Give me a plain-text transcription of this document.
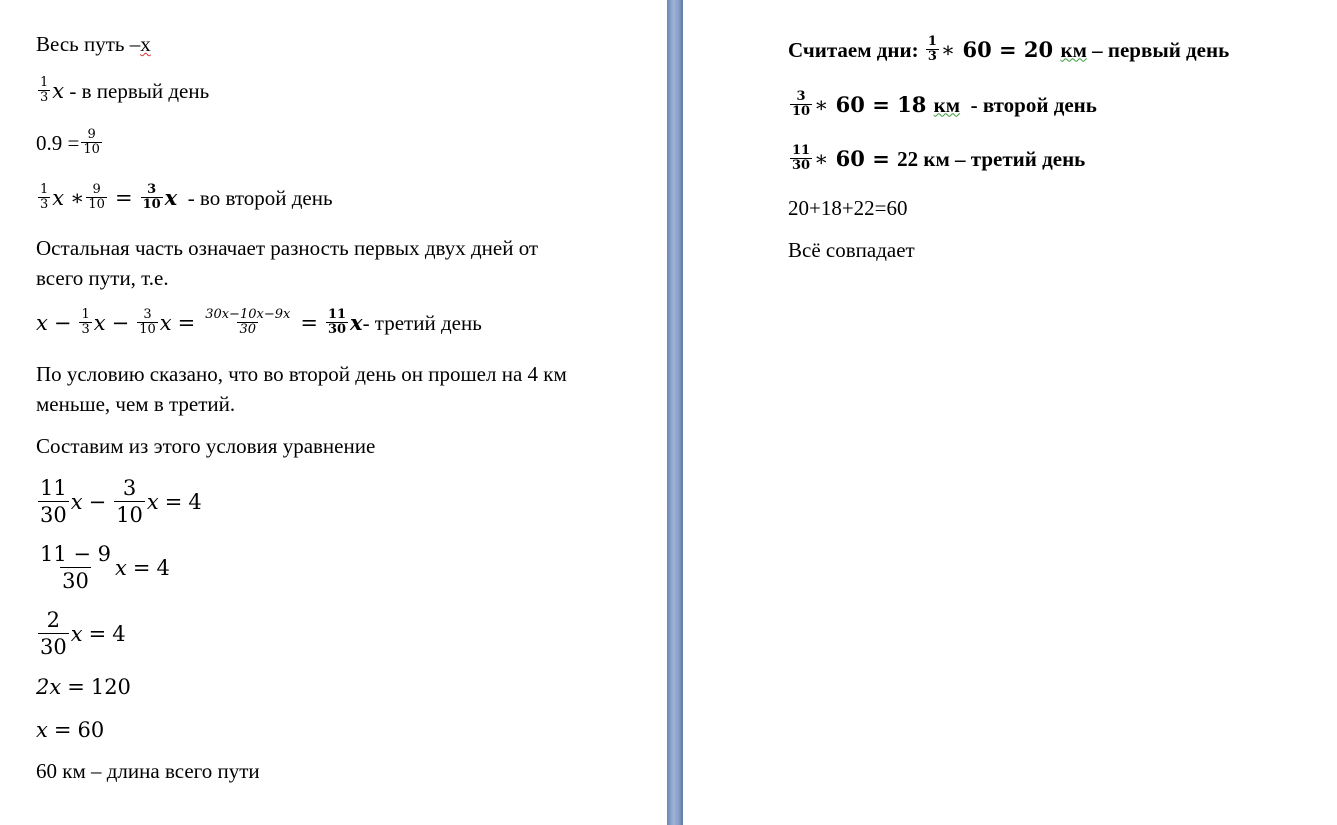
Весь путь – x
$\frac{1}{3}$ x - в первый день
$0.9 = \frac{9}{10}$
$\frac{1}{3}$ x ∗ $\frac{9}{10} = \frac{3}{10}$ x - во второй день
Остальная часть означает разность первых двух дней от
всего пути, т.е.
$x - \frac{1}{3}$ $x - \frac{3}{10}$ $x = \frac{30x-10x-9x}{30} = \frac{11}{30}$ x - третий день
По условию сказано, что во второй день он прошел на 4 км
меньше, чем в третий.
Составим из этого условия уравнение
$\frac{11}{30}$ $x - \frac{3}{10}$ x = 4
$\frac{11 - 9}{30}$ x = 4
$\frac{2}{30}$ x = 4
2x = 120
x = 60
60 км – длина всего пути
Считаем дни: $\frac{1}{3}$ ∗ 60 = 20 км – первый день
$\frac{3}{10}$ ∗ 60 = 18 км - второй день
$\frac{11}{30}$ ∗ 60 = 22 км – третий день
20+18+22=60
Всё совпадает
